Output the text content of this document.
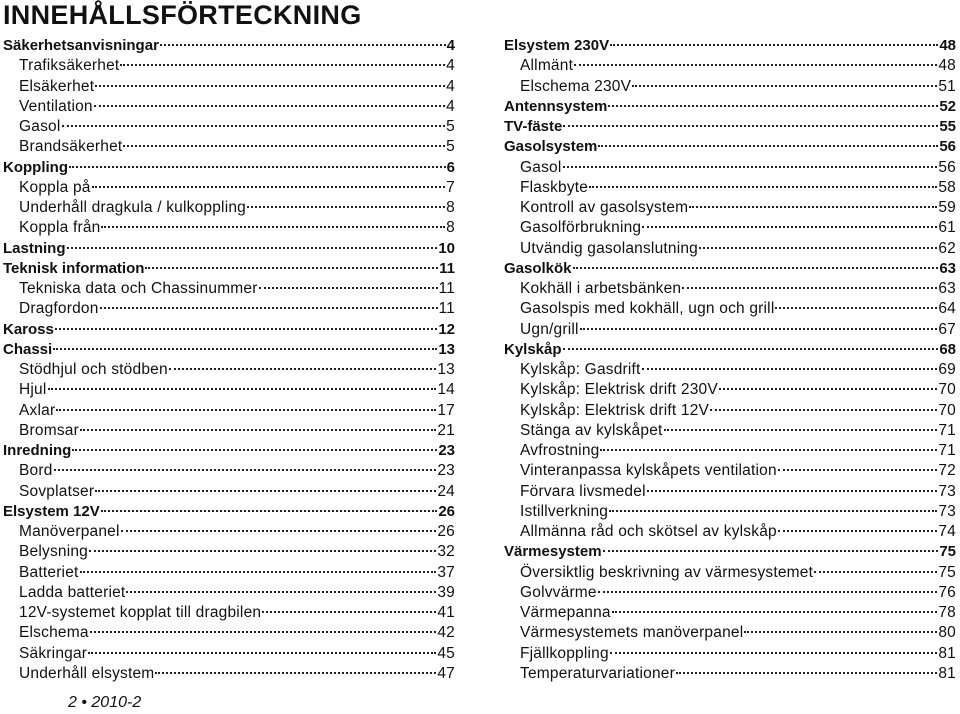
INNEHÅLLSFÖRTECKNING
Säkerhetsanvisningar	4
Trafiksäkerhet	4
Elsäkerhet	4
Ventilation	4
Gasol	5
Brandsäkerhet	5
Koppling	6
Koppla på	7
Underhåll dragkula / kulkoppling	8
Koppla från	8
Lastning	10
Teknisk information	11
Tekniska data och Chassinummer	11
Dragfordon	11
Kaross	12
Chassi	13
Stödhjul och stödben	13
Hjul	14
Axlar	17
Bromsar	21
Inredning	23
Bord	23
Sovplatser	24
Elsystem 12V	26
Manöverpanel	26
Belysning	32
Batteriet	37
Ladda batteriet	39
12V-systemet kopplat till dragbilen	41
Elschema	42
Säkringar	45
Underhåll elsystem	47
Elsystem 230V	48
Allmänt	48
Elschema 230V	51
Antennsystem	52
TV-fäste	55
Gasolsystem	56
Gasol	56
Flaskbyte	58
Kontroll av gasolsystem	59
Gasolförbrukning	61
Utvändig gasolanslutning	62
Gasolkök	63
Kokhäll i arbetsbänken	63
Gasolspis med kokhäll, ugn och grill	64
Ugn/grill	67
Kylskåp	68
Kylskåp: Gasdrift	69
Kylskåp: Elektrisk drift 230V	70
Kylskåp: Elektrisk drift 12V	70
Stänga av kylskåpet	71
Avfrostning	71
Vinteranpassa kylskåpets ventilation	72
Förvara livsmedel	73
Istillverkning	73
Allmänna råd och skötsel av kylskåp	74
Värmesystem	75
Översiktlig beskrivning av värmesystemet	75
Golvvärme	76
Värmepanna	78
Värmesystemets manöverpanel	80
Fjällkoppling	81
Temperaturvariationer	81
2 • 2010-2
